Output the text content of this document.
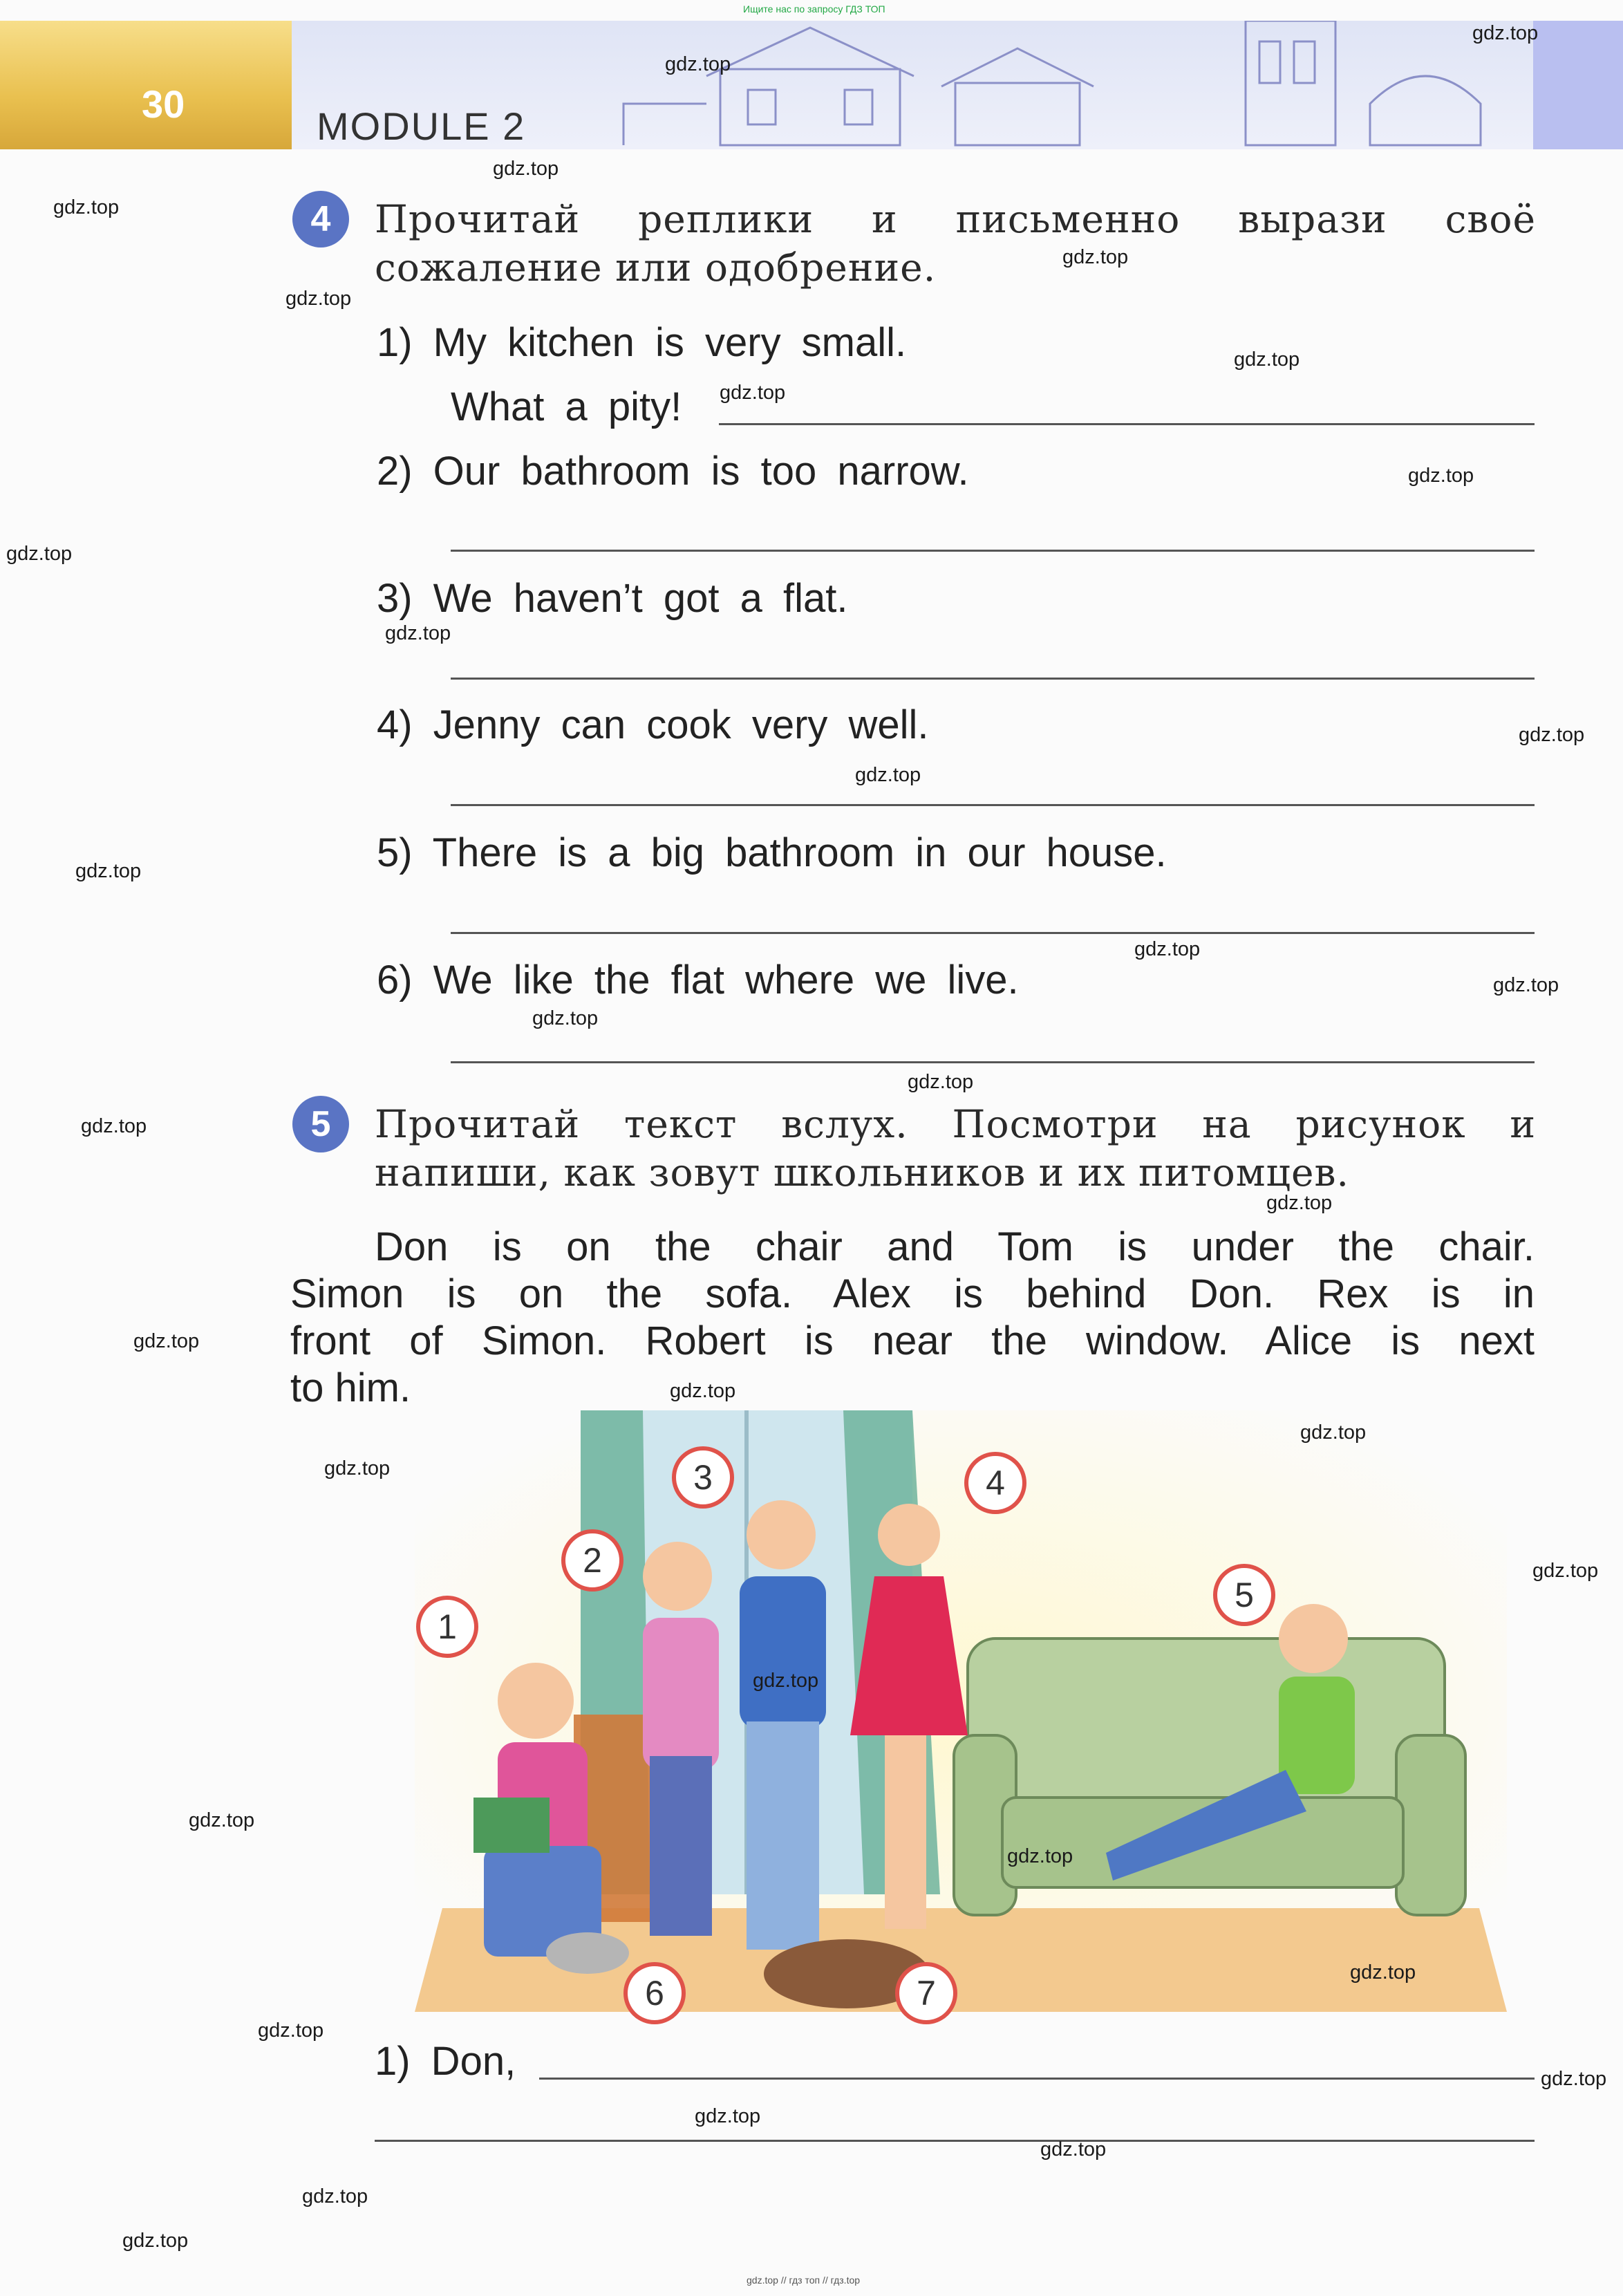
30
MODULE 2
Ищите нас по запросу ГДЗ ТОП
gdz.top // гдз топ // гдз.top
4	Прочитай реплики и письменно вырази своё
сожаление или одобрение.
1) My kitchen is very small.
What a pity!
2) Our bathroom is too narrow.
3) We haven’t got a flat.
4) Jenny can cook very well.
5) There is a big bathroom in our house.
6) We like the flat where we live.
5	Прочитай текст вслух. Посмотри на рисунок и
напиши, как зовут школьников и их питомцев.
Don is on the chair and Tom is under the chair.
Simon is on the sofa. Alex is behind Don. Rex is in
front of Simon. Robert is near the window. Alice is next
to him.
1
2
3	4
5
6	7
1) Don,
gdz.top
gdz.top
gdz.top
gdz.top
gdz.top
gdz.top
gdz.top
gdz.top
gdz.top
gdz.top
gdz.top
gdz.top
gdz.top
gdz.top
gdz.top
gdz.top
gdz.top
gdz.top
gdz.top
gdz.top
gdz.top
gdz.top
gdz.top
gdz.top
gdz.top
gdz.top
gdz.top
gdz.top
gdz.top
gdz.top
gdz.top
gdz.top
gdz.top
gdz.top
gdz.top
